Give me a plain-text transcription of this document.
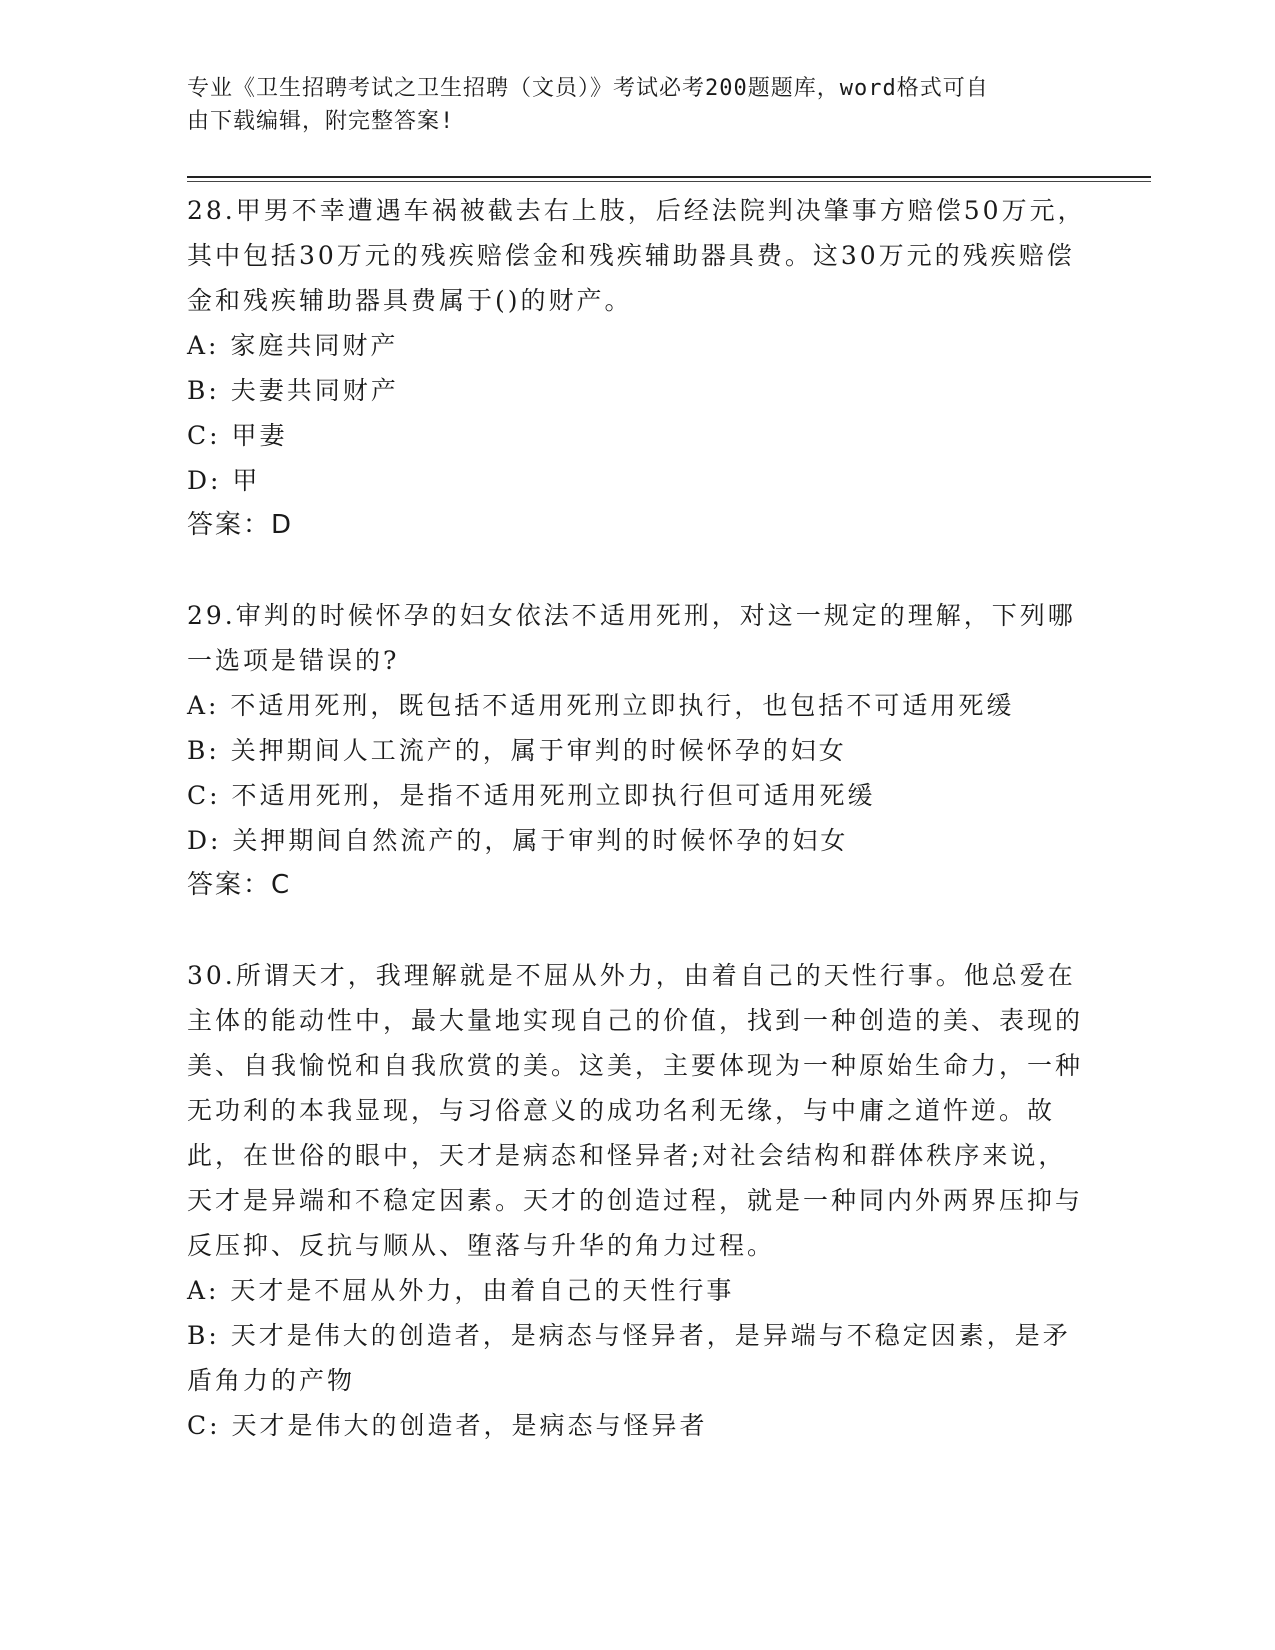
专业《卫生招聘考试之卫生招聘（文员）》考试必考200题题库，word格式可自
由下载编辑，附完整答案!

28.甲男不幸遭遇车祸被截去右上肢，后经法院判决肇事方赔偿50万元，其中包括30万元的残疾赔偿金和残疾辅助器具费。这30万元的残疾赔偿金和残疾辅助器具费属于()的财产。

A: 家庭共同财产

B: 夫妻共同财产

C: 甲妻

D: 甲

答案：D

29.审判的时候怀孕的妇女依法不适用死刑，对这一规定的理解，下列哪一选项是错误的?

A: 不适用死刑，既包括不适用死刑立即执行，也包括不可适用死缓

B: 关押期间人工流产的，属于审判的时候怀孕的妇女

C: 不适用死刑，是指不适用死刑立即执行但可适用死缓

D: 关押期间自然流产的，属于审判的时候怀孕的妇女

答案：C

30.所谓天才，我理解就是不屈从外力，由着自己的天性行事。他总爱在主体的能动性中，最大量地实现自己的价值，找到一种创造的美、表现的美、自我愉悦和自我欣赏的美。这美，主要体现为一种原始生命力，一种无功利的本我显现，与习俗意义的成功名利无缘，与中庸之道忤逆。故此，在世俗的眼中，天才是病态和怪异者;对社会结构和群体秩序来说，天才是异端和不稳定因素。天才的创造过程，就是一种同内外两界压抑与反压抑、反抗与顺从、堕落与升华的角力过程。

A: 天才是不屈从外力，由着自己的天性行事

B: 天才是伟大的创造者，是病态与怪异者，是异端与不稳定因素，是矛盾角力的产物

C: 天才是伟大的创造者，是病态与怪异者
